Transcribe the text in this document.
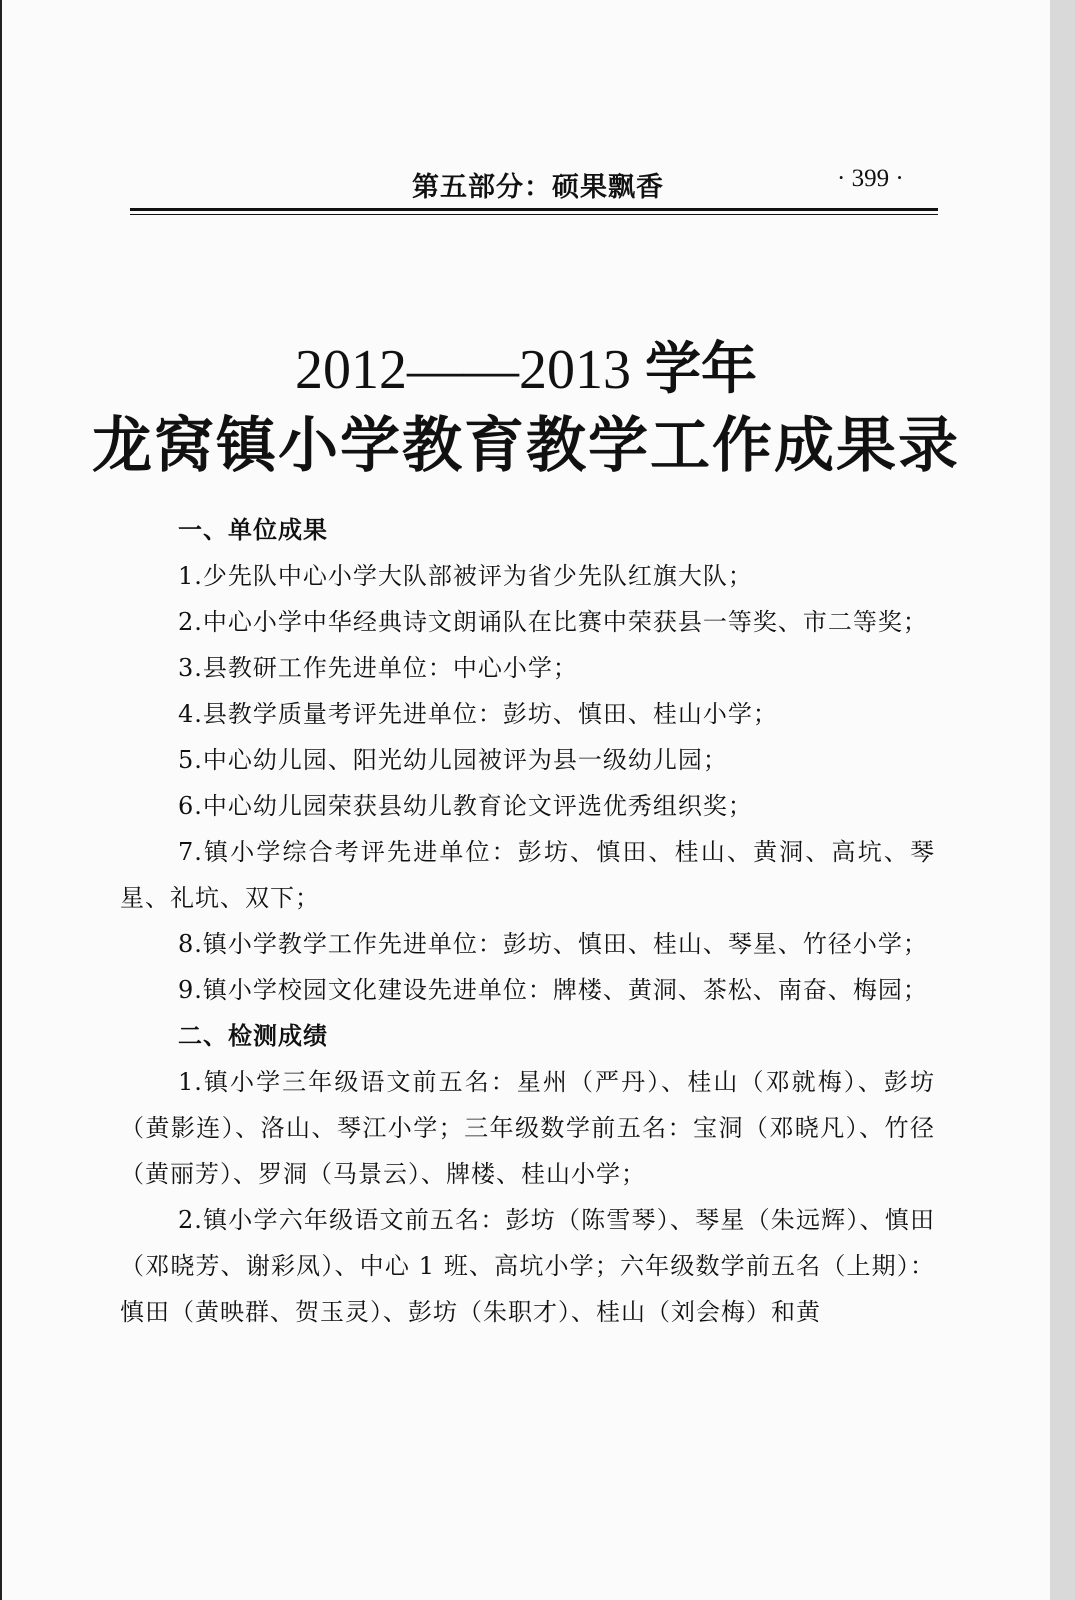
第五部分：硕果飘香	· 399 ·
2012——2013 学年
龙窝镇小学教育教学工作成果录
一、单位成果

1.少先队中心小学大队部被评为省少先队红旗大队；

2.中心小学中华经典诗文朗诵队在比赛中荣获县一等奖、市二等奖；

3.县教研工作先进单位：中心小学；

4.县教学质量考评先进单位：彭坊、慎田、桂山小学；

5.中心幼儿园、阳光幼儿园被评为县一级幼儿园；

6.中心幼儿园荣获县幼儿教育论文评选优秀组织奖；

7.镇小学综合考评先进单位：彭坊、慎田、桂山、黄洞、高坑、琴星、礼坑、双下；

8.镇小学教学工作先进单位：彭坊、慎田、桂山、琴星、竹径小学；

9.镇小学校园文化建设先进单位：牌楼、黄洞、茶松、南奋、梅园；

二、检测成绩

1.镇小学三年级语文前五名：星州（严丹）、桂山（邓就梅）、彭坊（黄影连）、洛山、琴江小学；三年级数学前五名：宝洞（邓晓凡）、竹径（黄丽芳）、罗洞（马景云）、牌楼、桂山小学；

2.镇小学六年级语文前五名：彭坊（陈雪琴）、琴星（朱远辉）、慎田（邓晓芳、谢彩凤）、中心 1 班、高坑小学；六年级数学前五名（上期）：慎田（黄映群、贺玉灵）、彭坊（朱职才）、桂山（刘会梅）和黄
